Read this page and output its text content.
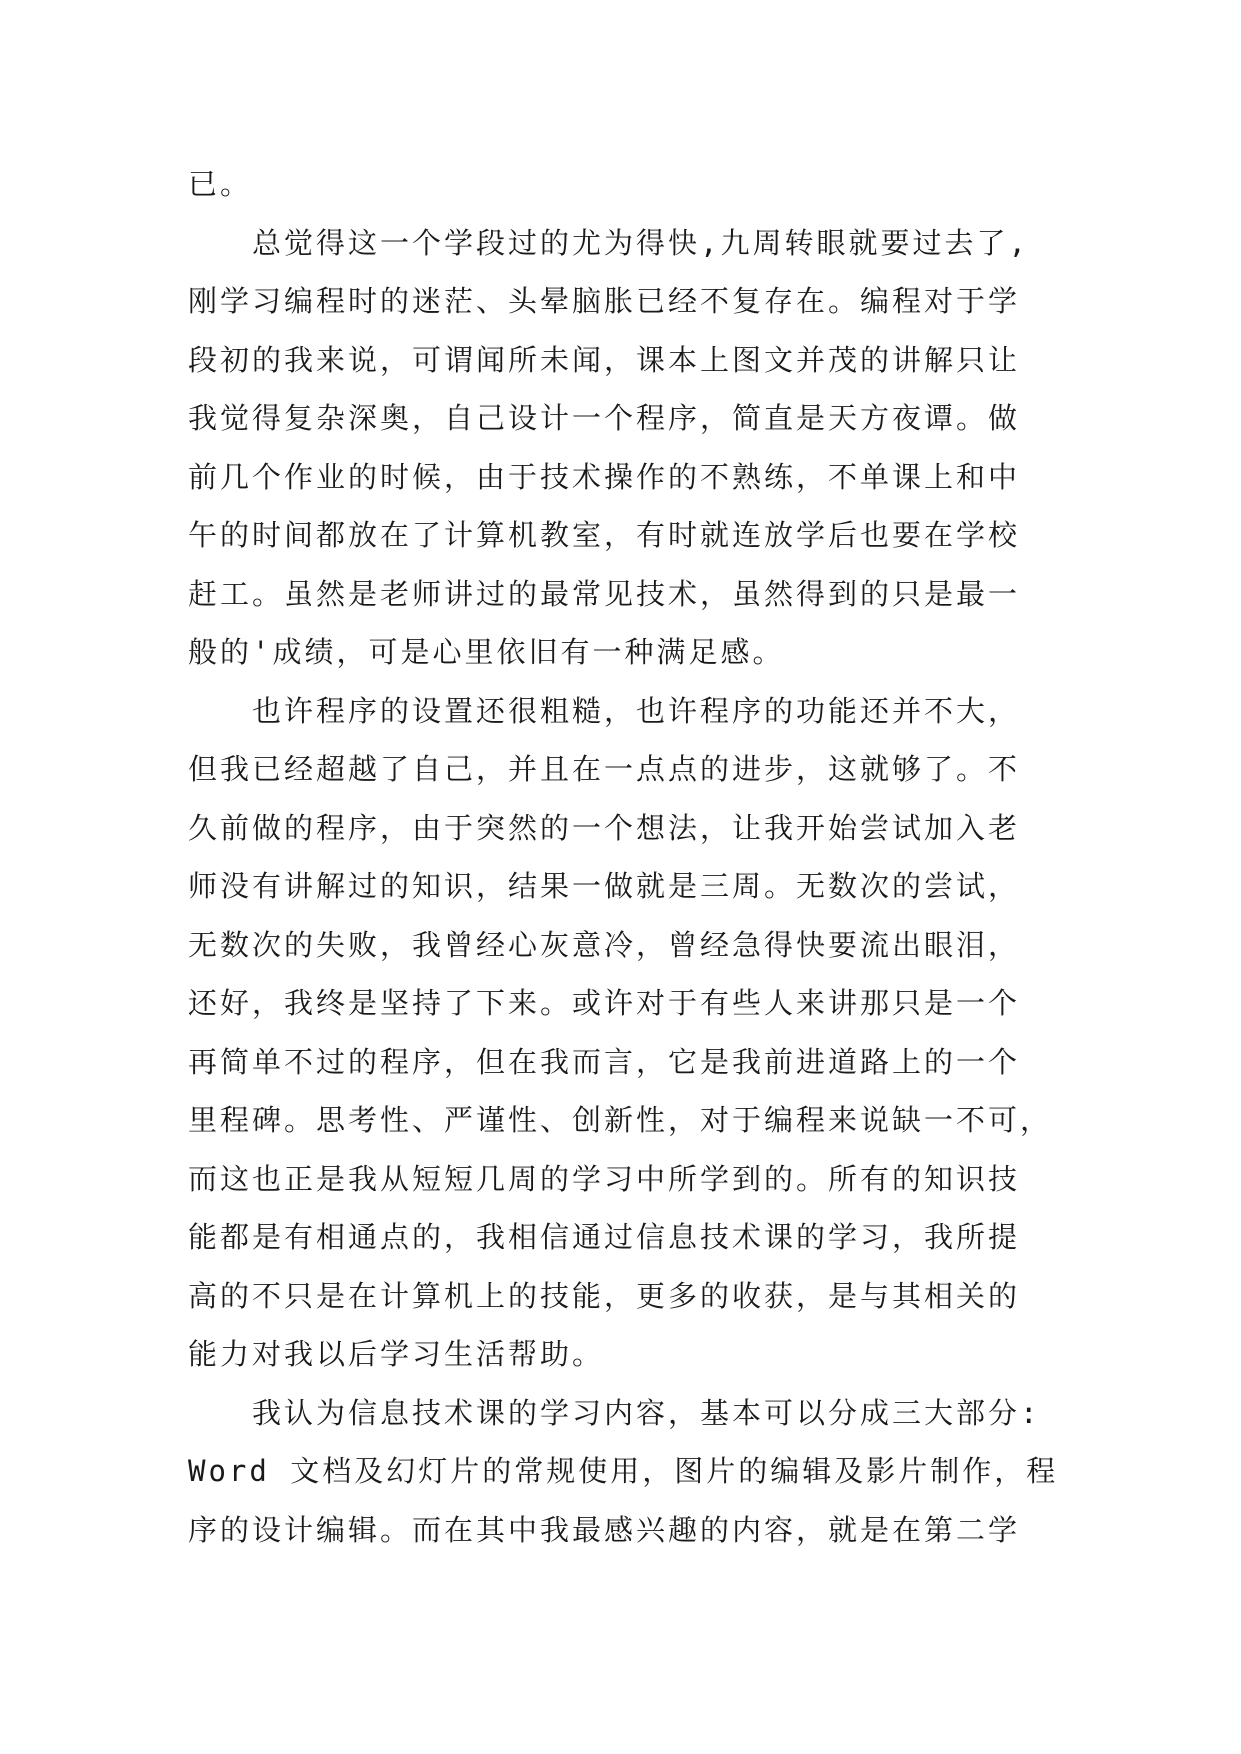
已。
总觉得这一个学段过的尤为得快,九周转眼就要过去了,
刚学习编程时的迷茫、头晕脑胀已经不复存在。编程对于学
段初的我来说，可谓闻所未闻，课本上图文并茂的讲解只让
我觉得复杂深奥，自己设计一个程序，简直是天方夜谭。做
前几个作业的时候，由于技术操作的不熟练，不单课上和中
午的时间都放在了计算机教室，有时就连放学后也要在学校
赶工。虽然是老师讲过的最常见技术，虽然得到的只是最一
般的'成绩，可是心里依旧有一种满足感。
也许程序的设置还很粗糙，也许程序的功能还并不大，
但我已经超越了自己，并且在一点点的进步，这就够了。不
久前做的程序，由于突然的一个想法，让我开始尝试加入老
师没有讲解过的知识，结果一做就是三周。无数次的尝试，
无数次的失败，我曾经心灰意冷，曾经急得快要流出眼泪，
还好，我终是坚持了下来。或许对于有些人来讲那只是一个
再简单不过的程序，但在我而言，它是我前进道路上的一个
里程碑。思考性、严谨性、创新性，对于编程来说缺一不可，
而这也正是我从短短几周的学习中所学到的。所有的知识技
能都是有相通点的，我相信通过信息技术课的学习，我所提
高的不只是在计算机上的技能，更多的收获，是与其相关的
能力对我以后学习生活帮助。
我认为信息技术课的学习内容，基本可以分成三大部分:
Word 文档及幻灯片的常规使用，图片的编辑及影片制作，程
序的设计编辑。而在其中我最感兴趣的内容，就是在第二学
